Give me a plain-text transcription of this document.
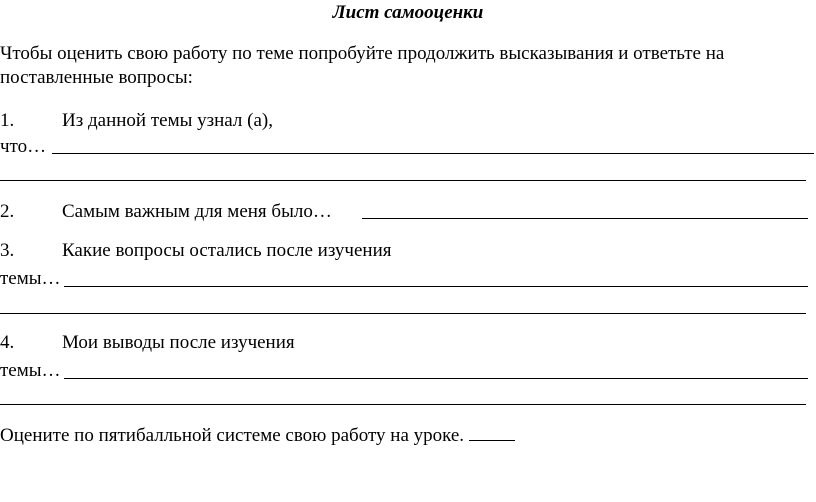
Лист самооценки
Чтобы оценить свою работу по теме попробуйте продолжить высказывания и ответьте на
поставленные вопросы:
1.	Из данной темы узнал (а),
что…
2.	Самым важным для меня было…
3.	Какие вопросы остались после изучения
темы…
4.	Мои выводы после изучения
темы…
Оцените по пятибалльной системе свою работу на уроке.
